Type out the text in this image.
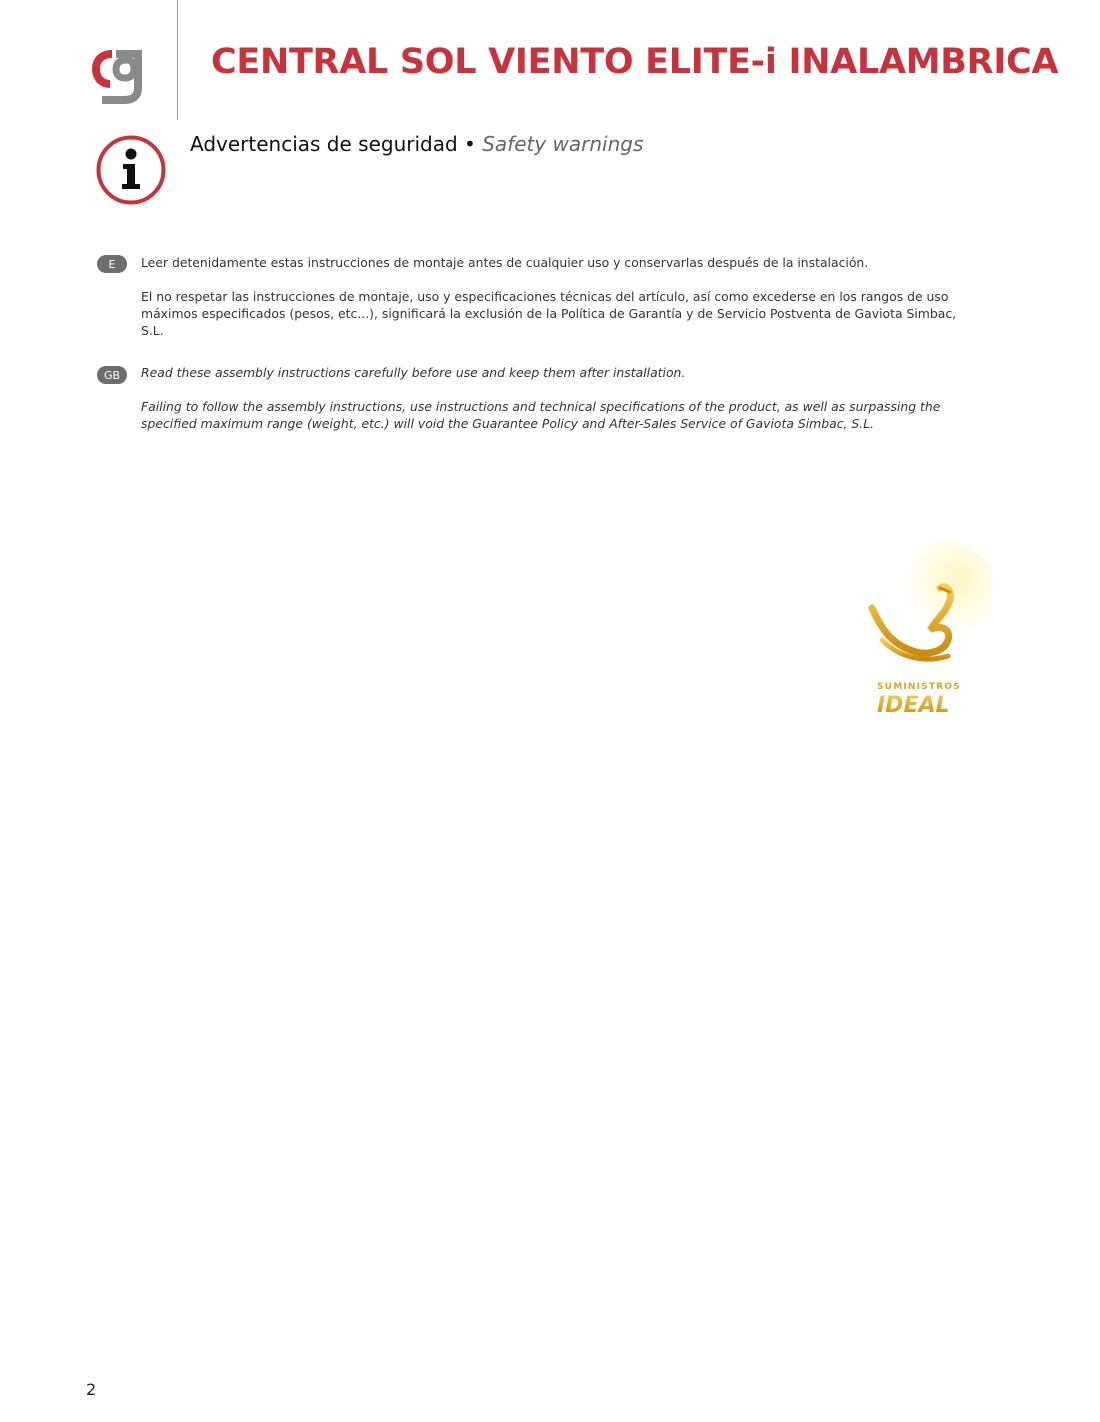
CENTRAL SOL VIENTO ELITE-i INALAMBRICA
Advertencias de seguridad • Safety warnings
E	Leer detenidamente estas instrucciones de montaje antes de cualquier uso y conservarlas después de la instalación.

El no respetar las instrucciones de montaje, uso y especificaciones técnicas del artículo, así como excederse en los rangos de uso máximos especificados (pesos, etc...), significará la exclusión de la Política de Garantía y de Servicio Postventa de Gaviota Simbac, S.L.

GB	Read these assembly instructions carefully before use and keep them after installation.

Failing to follow the assembly instructions, use instructions and technical specifications of the product, as well as surpassing the specified maximum range (weight, etc.) will void the Guarantee Policy and After-Sales Service of Gaviota Simbac, S.L.

SUMINISTROS
IDEAL
2
